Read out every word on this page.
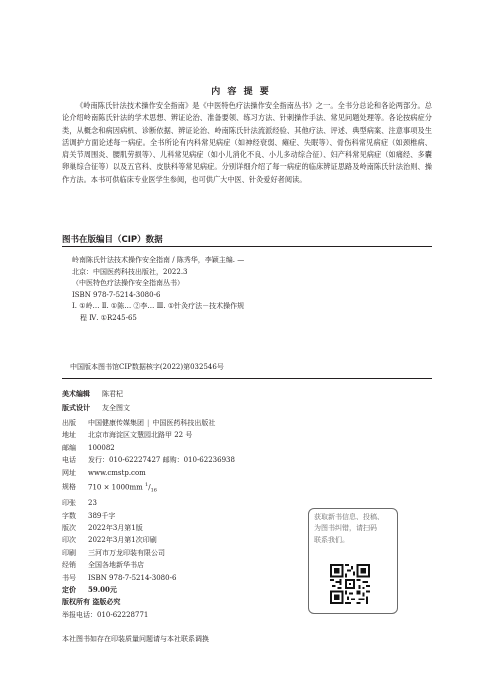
内 容 提 要

《岭南陈氏针法技术操作安全指南》是《中医特色疗法操作安全指南丛书》之一。全书分总论和各论两部分。总论介绍岭南陈氏针法的学术思想、辨证论治、准备要领、练习方法、针刺操作手法、常见问题处理等。各论按病症分类，从概念和病因病机、诊断依据、辨证论治、岭南陈氏针法流派经验、其他疗法、评述、典型病案、注意事项及生活调护方面论述每一病症。全书所论有内科常见病症（如神经衰弱、瘫症、失眠等）、骨伤科常见病症（如颈椎病、肩关节周围炎、腰肌劳损等）、儿科常见病症（如小儿消化不良、小儿多动综合征）、妇产科常见病症（如痛经、多囊卵巢综合征等）以及五官科、皮肤科等常见病症。分别详细介绍了每一病症的临床辨证思路及岭南陈氏针法治则、操作方法。本书可供临床专业医学生参阅，也可供广大中医、针灸爱好者阅读。

图书在版编目（CIP）数据
岭南陈氏针法技术操作安全指南 / 陈秀华，李颖主编. —
北京：中国医药科技出版社，2022.3
（中医特色疗法操作安全指南丛书）
ISBN 978-7-5214-3080-6
Ⅰ. ①岭… Ⅱ. ①陈… ②李… Ⅲ. ①针灸疗法－技术操作规
程 Ⅳ. ①R245-65
中国版本图书馆CIP数据核字(2022)第032546号
美术编辑 陈君杞
版式设计 友全图文
出版 中国健康传媒集团 | 中国医药科技出版社
地址 北京市海淀区文慧园北路甲 22 号
邮编 100082
电话 发行：010-62227427 邮购：010-62236938
网址 www.cmstp.com
规格 710 × 1000mm $^1/_{16}$
印张 23
字数 389千字
版次 2022年3月第1版
印次 2022年3月第1次印刷
印刷 三河市万龙印装有限公司
经销 全国各地新华书店
书号 ISBN 978-7-5214-3080-6
定价 59.00元
版权所有 盗版必究
举报电话：010-62228771
获取新书信息、投稿、
为图书纠错，请扫码
联系我们。
本社图书如存在印装质量问题请与本社联系调换
